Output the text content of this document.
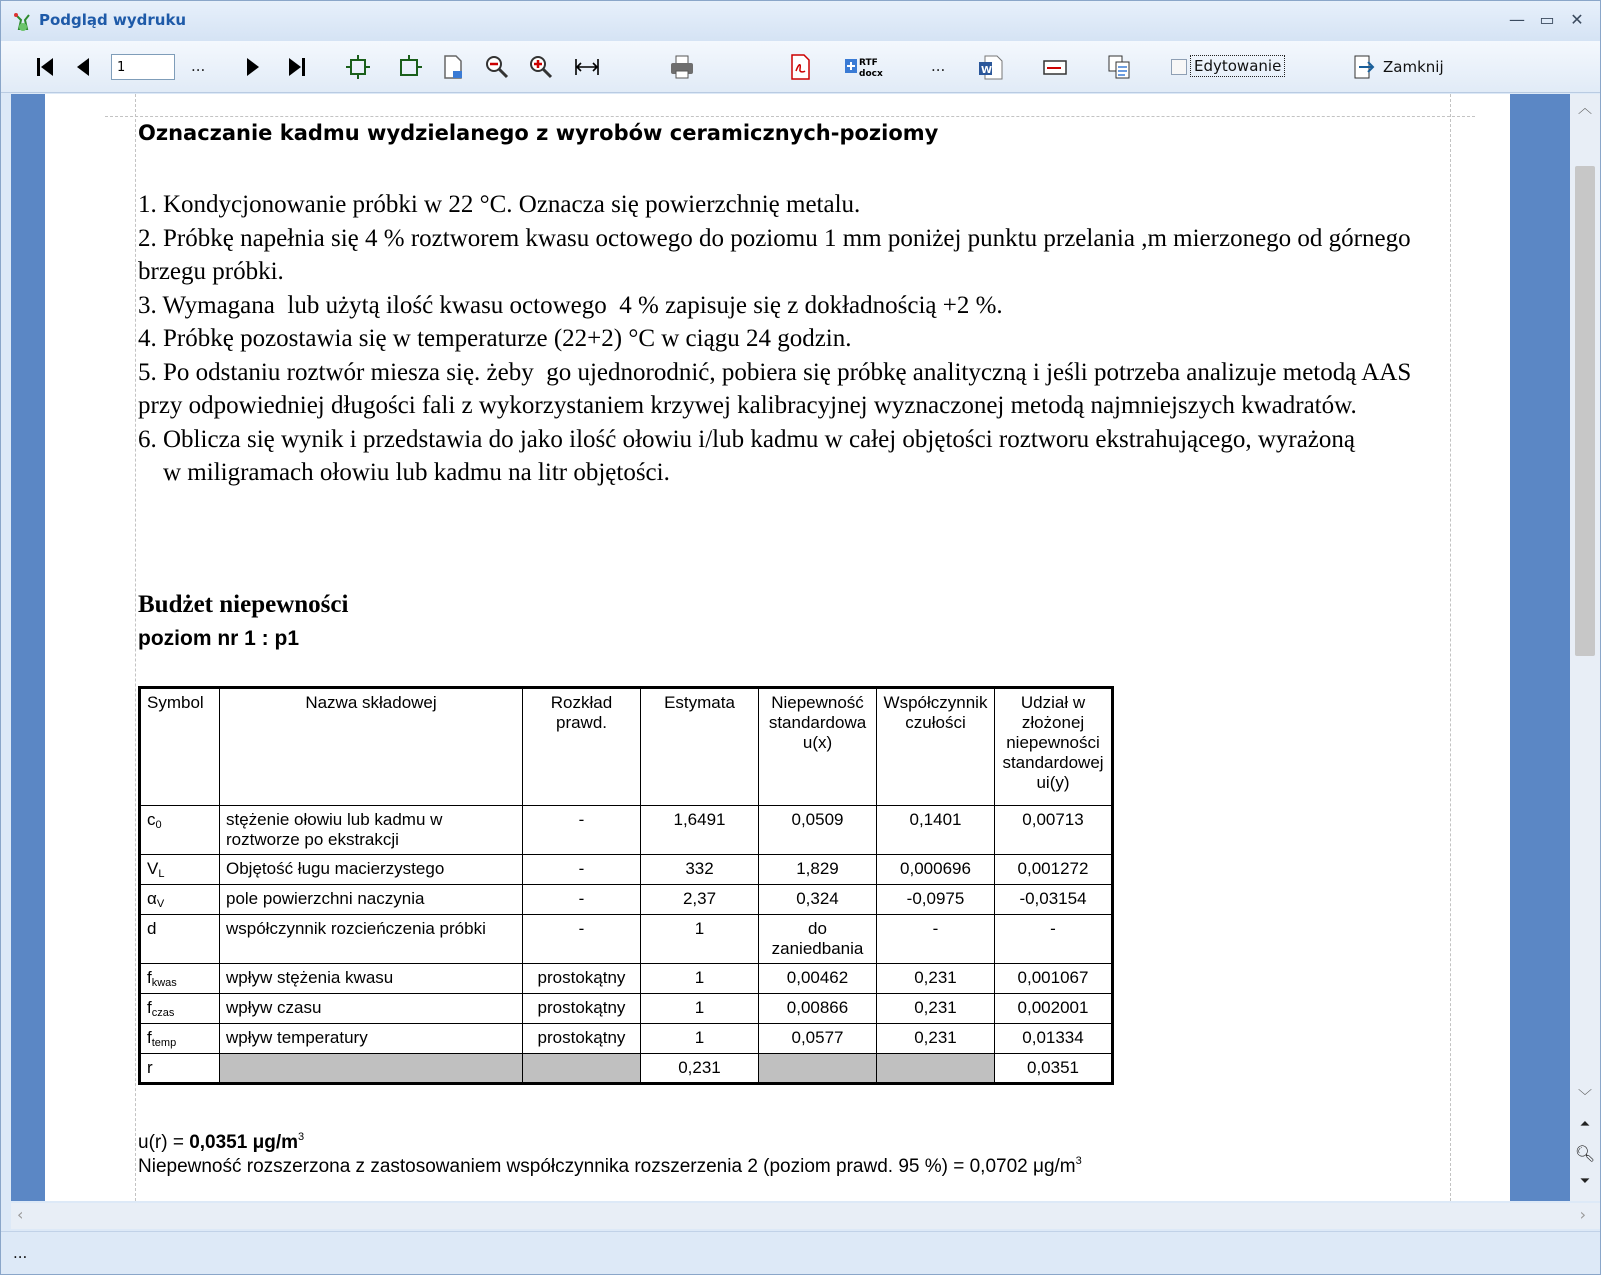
Podgląd wydruku	— ▭ ✕
1
...	RTF
docx	...	W	Edytowanie	Zamknij
Oznaczanie kadmu wydzielanego z wyrobów ceramicznych-poziomy
1. Kondycjonowanie próbki w 22 °C. Oznacza się powierzchnię metalu.
2. Próbkę napełnia się 4 % roztworem kwasu octowego do poziomu 1 mm poniżej punktu przelania ,m mierzonego od górnego brzegu próbki.
3. Wymagana  lub użytą ilość kwasu octowego  4 % zapisuje się z dokładnością +2 %.
4. Próbkę pozostawia się w temperaturze (22+2) °C w ciągu 24 godzin.
5. Po odstaniu roztwór miesza się. żeby  go ujednorodnić, pobiera się próbkę analityczną i jeśli potrzeba analizuje metodą AAS przy odpowiedniej długości fali z wykorzystaniem krzywej kalibracyjnej wyznaczonej metodą najmniejszych kwadratów.
6. Oblicza się wynik i przedstawia do jako ilość ołowiu i/lub kadmu w całej objętości roztworu ekstrahującego, wyrażoną
w miligramach ołowiu lub kadmu na litr objętości.
Budżet niepewności
poziom nr 1 : p1
Symbol	Nazwa składowej	Rozkład prawd.	Estymata	Niepewność standardowa u(x)	Współczynnik czułości	Udział w złożonej niepewności standardowej ui(y)
$c_0$	stężenie ołowiu lub kadmu w roztworze po ekstrakcji	-	1,6491	0,0509	0,1401	0,00713
$V_L$	Objętość ługu macierzystego	-	332	1,829	0,000696	0,001272
$\alpha_V$	pole powierzchni naczynia	-	2,37	0,324	-0,0975	-0,03154
d	współczynnik rozcieńczenia próbki	-	1	do zaniedbania	-	-
$f_{kwas}$	wpływ stężenia kwasu	prostokątny	1	0,00462	0,231	0,001067
$f_{czas}$	wpływ czasu	prostokątny	1	0,00866	0,231	0,002001
$f_{temp}$	wpływ temperatury	prostokątny	1	0,0577	0,231	0,01334
r			0,231			0,0351
u(r) = 0,0351 $\mu g/m^3$
Niepewność rozszerzona z zastosowaniem współczynnika rozszerzenia 2 (poziom prawd. 95 %) = 0,0702 $\mu g/m^3$
︿
﹀
⏶
🔍︎
⏷
‹	›
...
